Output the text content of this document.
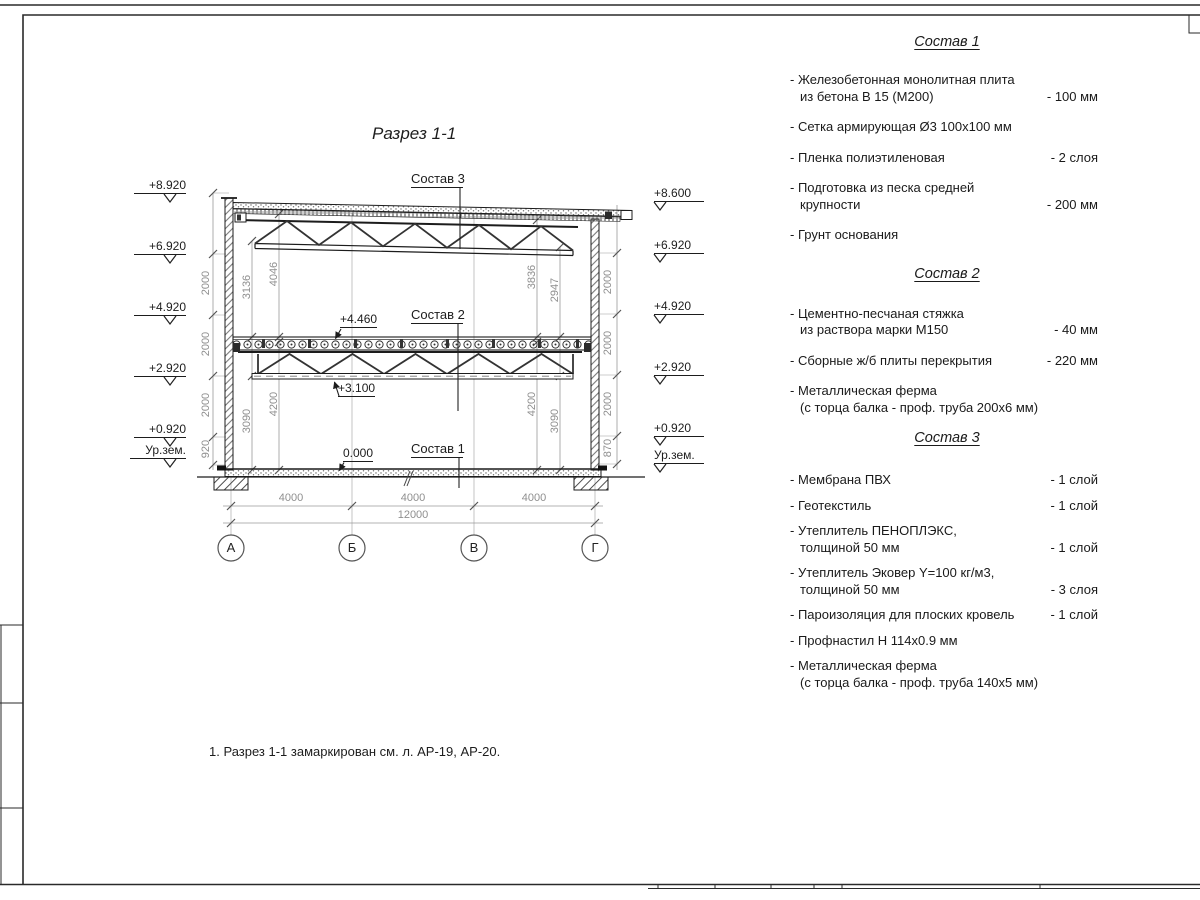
Разрез 1-1
Состав 3
Состав 2
Состав 1
+4.460
+3.100
0.000
+8.920
+6.920
+4.920
+2.920
+0.920
Ур.зем.
+8.600
+6.920
+4.920
+2.920
+0.920
Ур.зем.
2000
2000
2000
920
2000
2000
2000
870
3136
4046
3090
4200
3836
2947
4200
3090
4000	4000	4000
12000
А	Б	В	Г
1. Разрез 1-1 замаркирован см. л. АР-19, АР-20.
Состав 1
- Железобетонная монолитная плита
из бетона В 15 (М200)	- 100 мм
- Сетка армирующая Ø3 100х100 мм
- Пленка полиэтиленовая	- 2 слоя
- Подготовка из песка средней
крупности	- 200 мм
- Грунт основания
Состав 2
- Цементно-песчаная стяжка
из раствора марки М150	- 40 мм
- Сборные ж/б плиты перекрытия	- 220 мм
- Металлическая ферма
(с торца балка - проф. труба 200х6 мм)
Состав 3
- Мембрана ПВХ	- 1 слой
- Геотекстиль	- 1 слой
- Утеплитель ПЕНОПЛЭКС,
толщиной 50 мм	- 1 слой
- Утеплитель Эковер Y=100 кг/м3,
толщиной 50 мм	- 3 слоя
- Пароизоляция для плоских кровель	- 1 слой
- Профнастил Н 114х0.9 мм
- Металлическая ферма
(с торца балка - проф. труба 140х5 мм)
